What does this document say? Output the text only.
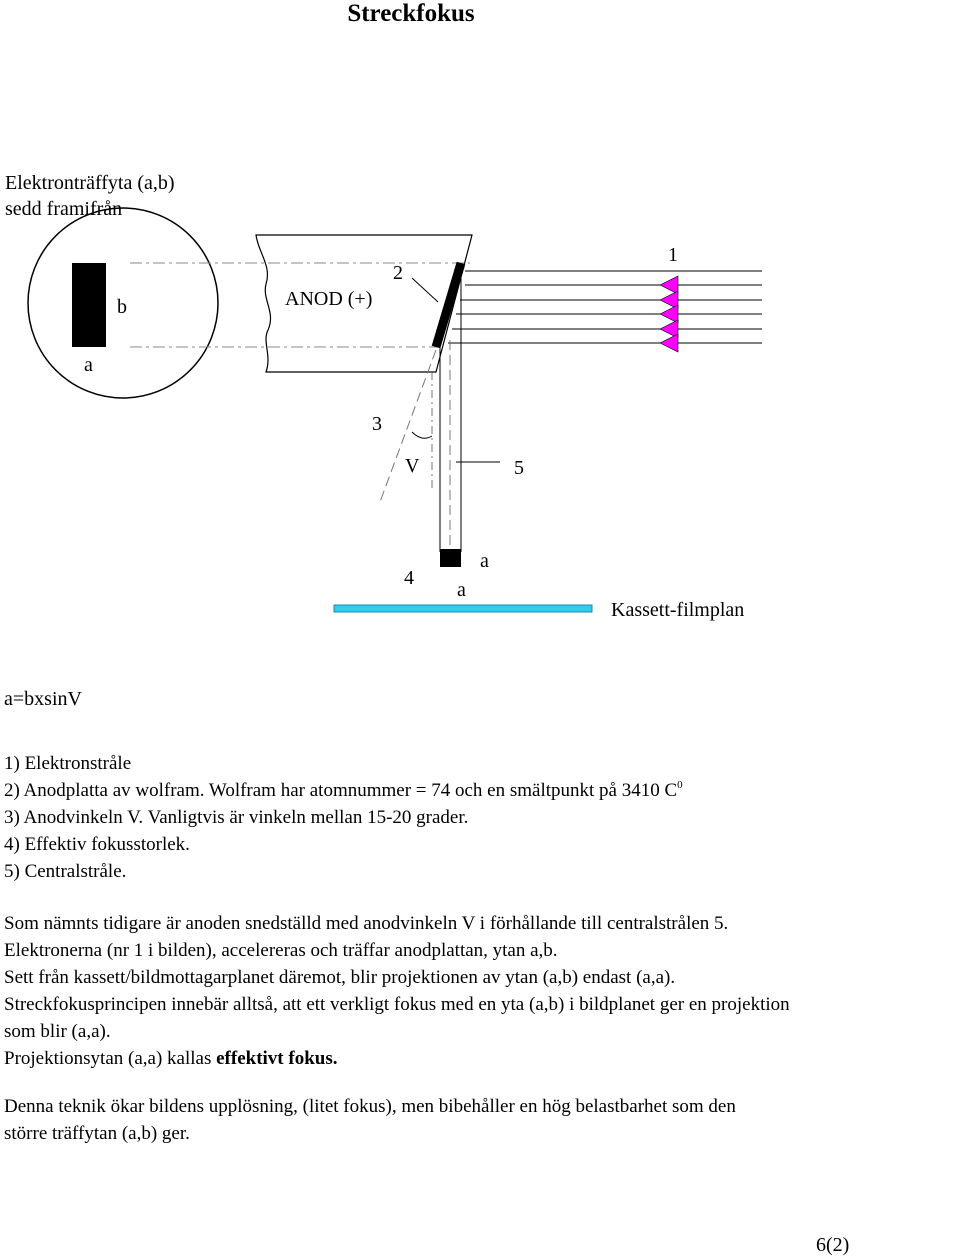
Streckfokus
Elektronträffyta (a,b)
sedd framifrån
b
a
ANOD (+)
2
1
3
V	5
4
a
a
Kassett-filmplan
a=bxsinV
1) Elektronstråle
2) Anodplatta av wolfram. Wolfram har atomnummer = 74 och en smältpunkt på 3410 $C^0$
3) Anodvinkeln V. Vanligtvis är vinkeln mellan 15-20 grader.
4) Effektiv fokusstorlek.
5) Centralstråle.
Som nämnts tidigare är anoden snedställd med anodvinkeln V i förhållande till centralstrålen 5.
Elektronerna (nr 1 i bilden), accelereras och träffar anodplattan, ytan a,b.
Sett från kassett/bildmottagarplanet däremot, blir projektionen av ytan (a,b) endast (a,a).
Streckfokusprincipen innebär alltså, att ett verkligt fokus med en yta (a,b) i bildplanet ger en projektion
som blir (a,a).
Projektionsytan (a,a) kallas effektivt fokus.
Denna teknik ökar bildens upplösning, (litet fokus), men bibehåller en hög belastbarhet som den
större träffytan (a,b) ger.
6(2)
